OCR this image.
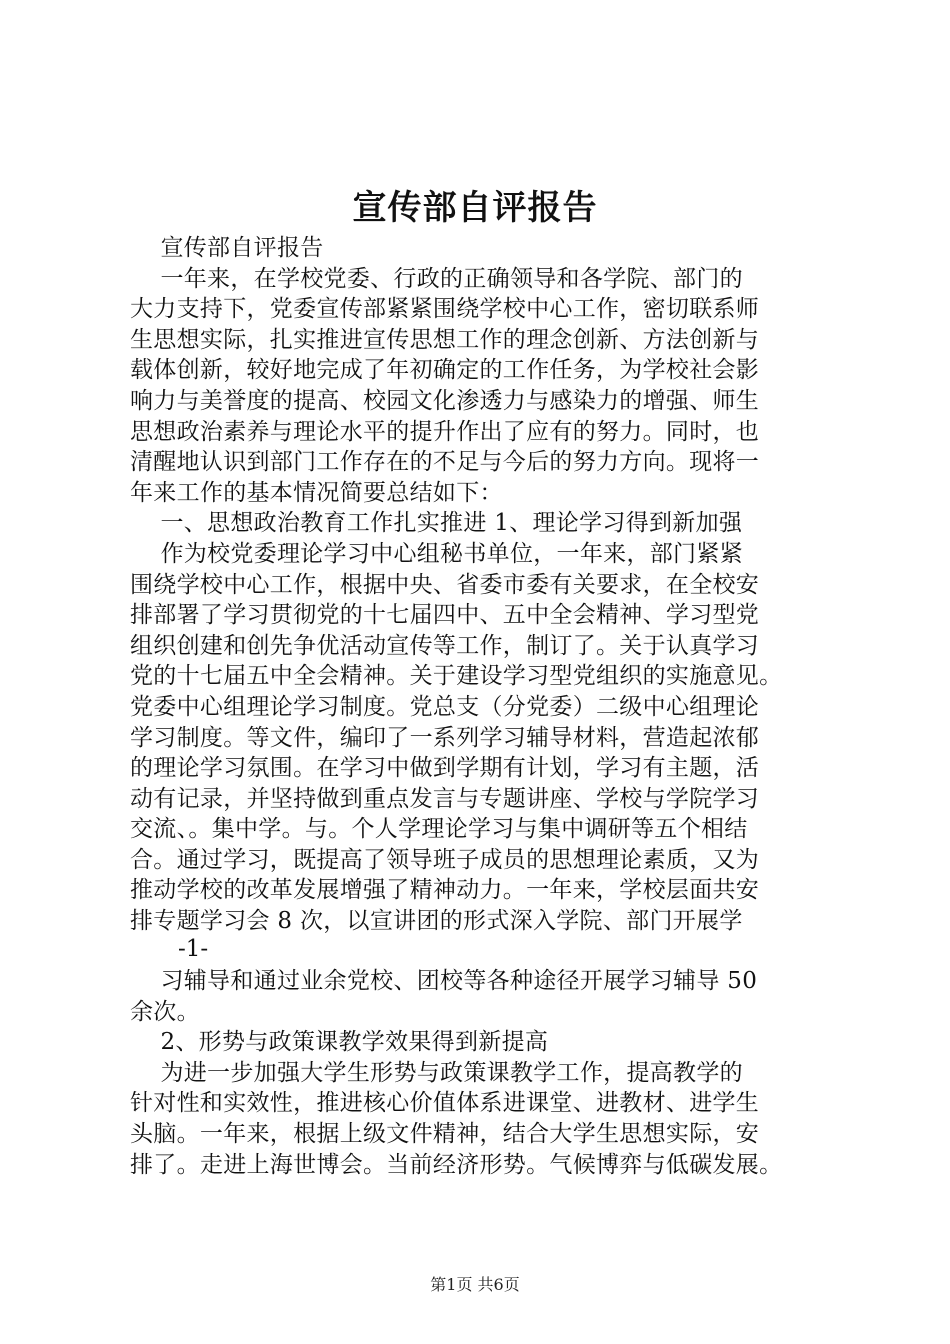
宣传部自评报告
宣传部自评报告
一年来，在学校党委、行政的正确领导和各学院、部门的
大力支持下，党委宣传部紧紧围绕学校中心工作，密切联系师
生思想实际，扎实推进宣传思想工作的理念创新、方法创新与
载体创新，较好地完成了年初确定的工作任务，为学校社会影
响力与美誉度的提高、校园文化渗透力与感染力的增强、师生
思想政治素养与理论水平的提升作出了应有的努力。同时，也
清醒地认识到部门工作存在的不足与今后的努力方向。现将一
年来工作的基本情况简要总结如下：
一、思想政治教育工作扎实推进 1、理论学习得到新加强
作为校党委理论学习中心组秘书单位，一年来，部门紧紧
围绕学校中心工作，根据中央、省委市委有关要求，在全校安
排部署了学习贯彻党的十七届四中、五中全会精神、学习型党
组织创建和创先争优活动宣传等工作，制订了。关于认真学习
党的十七届五中全会精神。关于建设学习型党组织的实施意见。
党委中心组理论学习制度。党总支（分党委）二级中心组理论
学习制度。等文件，编印了一系列学习辅导材料，营造起浓郁
的理论学习氛围。在学习中做到学期有计划，学习有主题，活
动有记录，并坚持做到重点发言与专题讲座、学校与学院学习
交流、。集中学。与。个人学理论学习与集中调研等五个相结
合。通过学习，既提高了领导班子成员的思想理论素质，又为
推动学校的改革发展增强了精神动力。一年来，学校层面共安
排专题学习会 8 次，以宣讲团的形式深入学院、部门开展学
-1-
习辅导和通过业余党校、团校等各种途径开展学习辅导 50
余次。
2、形势与政策课教学效果得到新提高
为进一步加强大学生形势与政策课教学工作，提高教学的
针对性和实效性，推进核心价值体系进课堂、进教材、进学生
头脑。一年来，根据上级文件精神，结合大学生思想实际，安
排了。走进上海世博会。当前经济形势。气候博弈与低碳发展。
第1页 共6页
